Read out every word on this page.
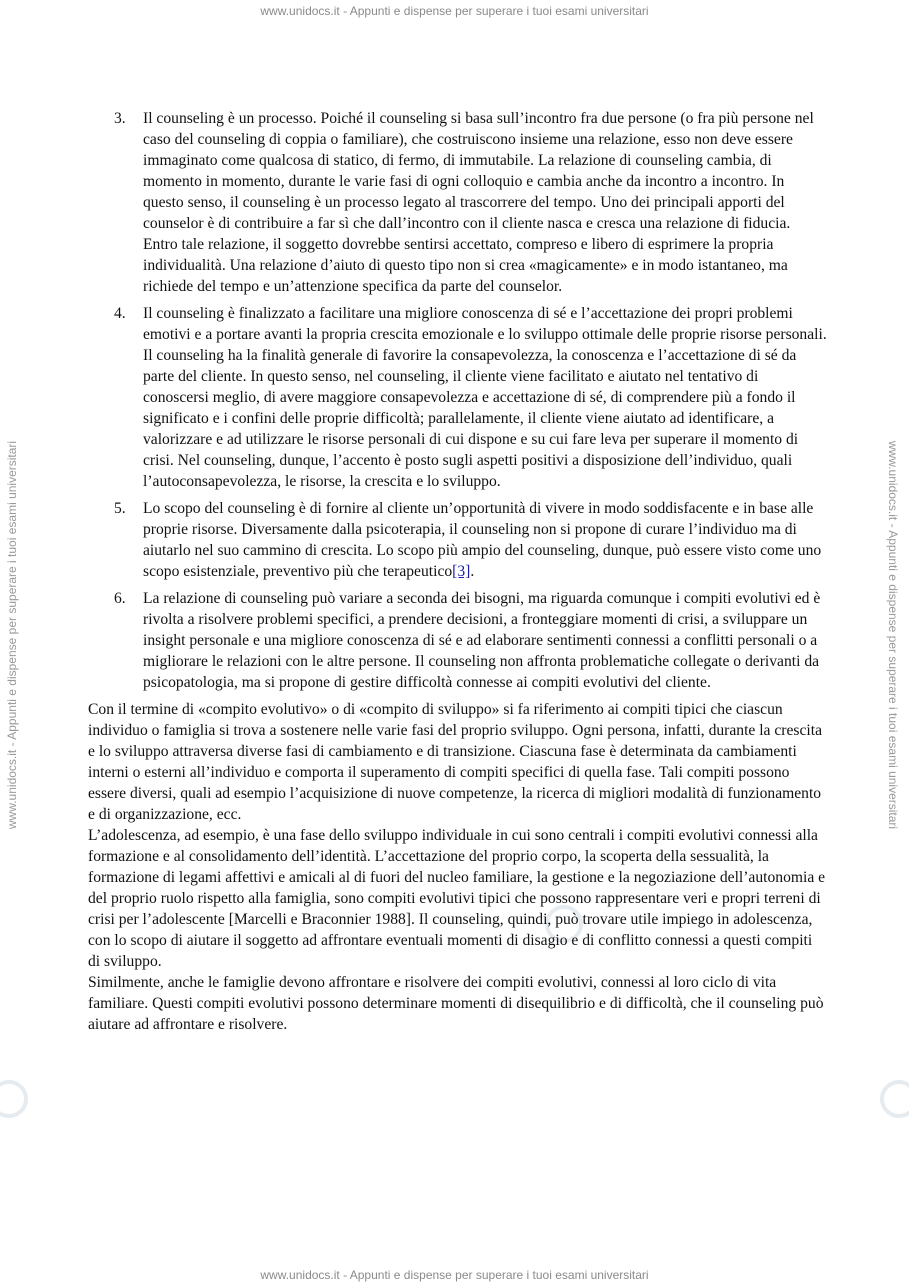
www.unidocs.it - Appunti e dispense per superare i tuoi esami universitari
www.unidocs.it - Appunti e dispense per superare i tuoi esami universitari
www.unidocs.it - Appunti e dispense per superare i tuoi esami universitari	www.unidocs.it - Appunti e dispense per superare i tuoi esami universitari
3. Il counseling è un processo. Poiché il counseling si basa sull’incontro fra due persone (o fra più persone nel caso del counseling di coppia o familiare), che costruiscono insieme una relazione, esso non deve essere immaginato come qualcosa di statico, di fermo, di immutabile. La relazione di counseling cambia, di momento in momento, durante le varie fasi di ogni colloquio e cambia anche da incontro a incontro. In questo senso, il counseling è un processo legato al trascorrere del tempo. Uno dei principali apporti del counselor è di contribuire a far sì che dall’incontro con il cliente nasca e cresca una relazione di fiducia. Entro tale relazione, il soggetto dovrebbe sentirsi accettato, compreso e libero di esprimere la propria individualità. Una relazione d’aiuto di questo tipo non si crea «magicamente» e in modo istantaneo, ma richiede del tempo e un’attenzione specifica da parte del counselor.
4. Il counseling è finalizzato a facilitare una migliore conoscenza di sé e l’accettazione dei propri problemi emotivi e a portare avanti la propria crescita emozionale e lo sviluppo ottimale delle proprie risorse personali. Il counseling ha la finalità generale di favorire la consapevolezza, la conoscenza e l’accettazione di sé da parte del cliente. In questo senso, nel counseling, il cliente viene facilitato e aiutato nel tentativo di conoscersi meglio, di avere maggiore consapevolezza e accettazione di sé, di comprendere più a fondo il significato e i confini delle proprie difficoltà; parallelamente, il cliente viene aiutato ad identificare, a valorizzare e ad utilizzare le risorse personali di cui dispone e su cui fare leva per superare il momento di crisi. Nel counseling, dunque, l’accento è posto sugli aspetti positivi a disposizione dell’individuo, quali l’autoconsapevolezza, le risorse, la crescita e lo sviluppo.
5. Lo scopo del counseling è di fornire al cliente un’opportunità di vivere in modo soddisfacente e in base alle proprie risorse. Diversamente dalla psicoterapia, il counseling non si propone di curare l’individuo ma di aiutarlo nel suo cammino di crescita. Lo scopo più ampio del counseling, dunque, può essere visto come uno scopo esistenziale, preventivo più che terapeutico[3].
6. La relazione di counseling può variare a seconda dei bisogni, ma riguarda comunque i compiti evolutivi ed è rivolta a risolvere problemi specifici, a prendere decisioni, a fronteggiare momenti di crisi, a sviluppare un insight personale e una migliore conoscenza di sé e ad elaborare sentimenti connessi a conflitti personali o a migliorare le relazioni con le altre persone. Il counseling non affronta problematiche collegate o derivanti da psicopatologia, ma si propone di gestire difficoltà connesse ai compiti evolutivi del cliente.

Con il termine di «compito evolutivo» o di «compito di sviluppo» si fa riferimento ai compiti tipici che ciascun individuo o famiglia si trova a sostenere nelle varie fasi del proprio sviluppo. Ogni persona, infatti, durante la crescita e lo sviluppo attraversa diverse fasi di cambiamento e di transizione. Ciascuna fase è determinata da cambiamenti interni o esterni all’individuo e comporta il superamento di compiti specifici di quella fase. Tali compiti possono essere diversi, quali ad esempio l’acquisizione di nuove competenze, la ricerca di migliori modalità di funzionamento e di organizzazione, ecc.

L’adolescenza, ad esempio, è una fase dello sviluppo individuale in cui sono centrali i compiti evolutivi connessi alla formazione e al consolidamento dell’identità. L’accettazione del proprio corpo, la scoperta della sessualità, la formazione di legami affettivi e amicali al di fuori del nucleo familiare, la gestione e la negoziazione dell’autonomia e del proprio ruolo rispetto alla famiglia, sono compiti evolutivi tipici che possono rappresentare veri e propri terreni di crisi per l’adolescente [Marcelli e Braconnier 1988]. Il counseling, quindi, può trovare utile impiego in adolescenza, con lo scopo di aiutare il soggetto ad affrontare eventuali momenti di disagio e di conflitto connessi a questi compiti di sviluppo.

Similmente, anche le famiglie devono affrontare e risolvere dei compiti evolutivi, connessi al loro ciclo di vita familiare. Questi compiti evolutivi possono determinare momenti di disequilibrio e di difficoltà, che il counseling può aiutare ad affrontare e risolvere.
